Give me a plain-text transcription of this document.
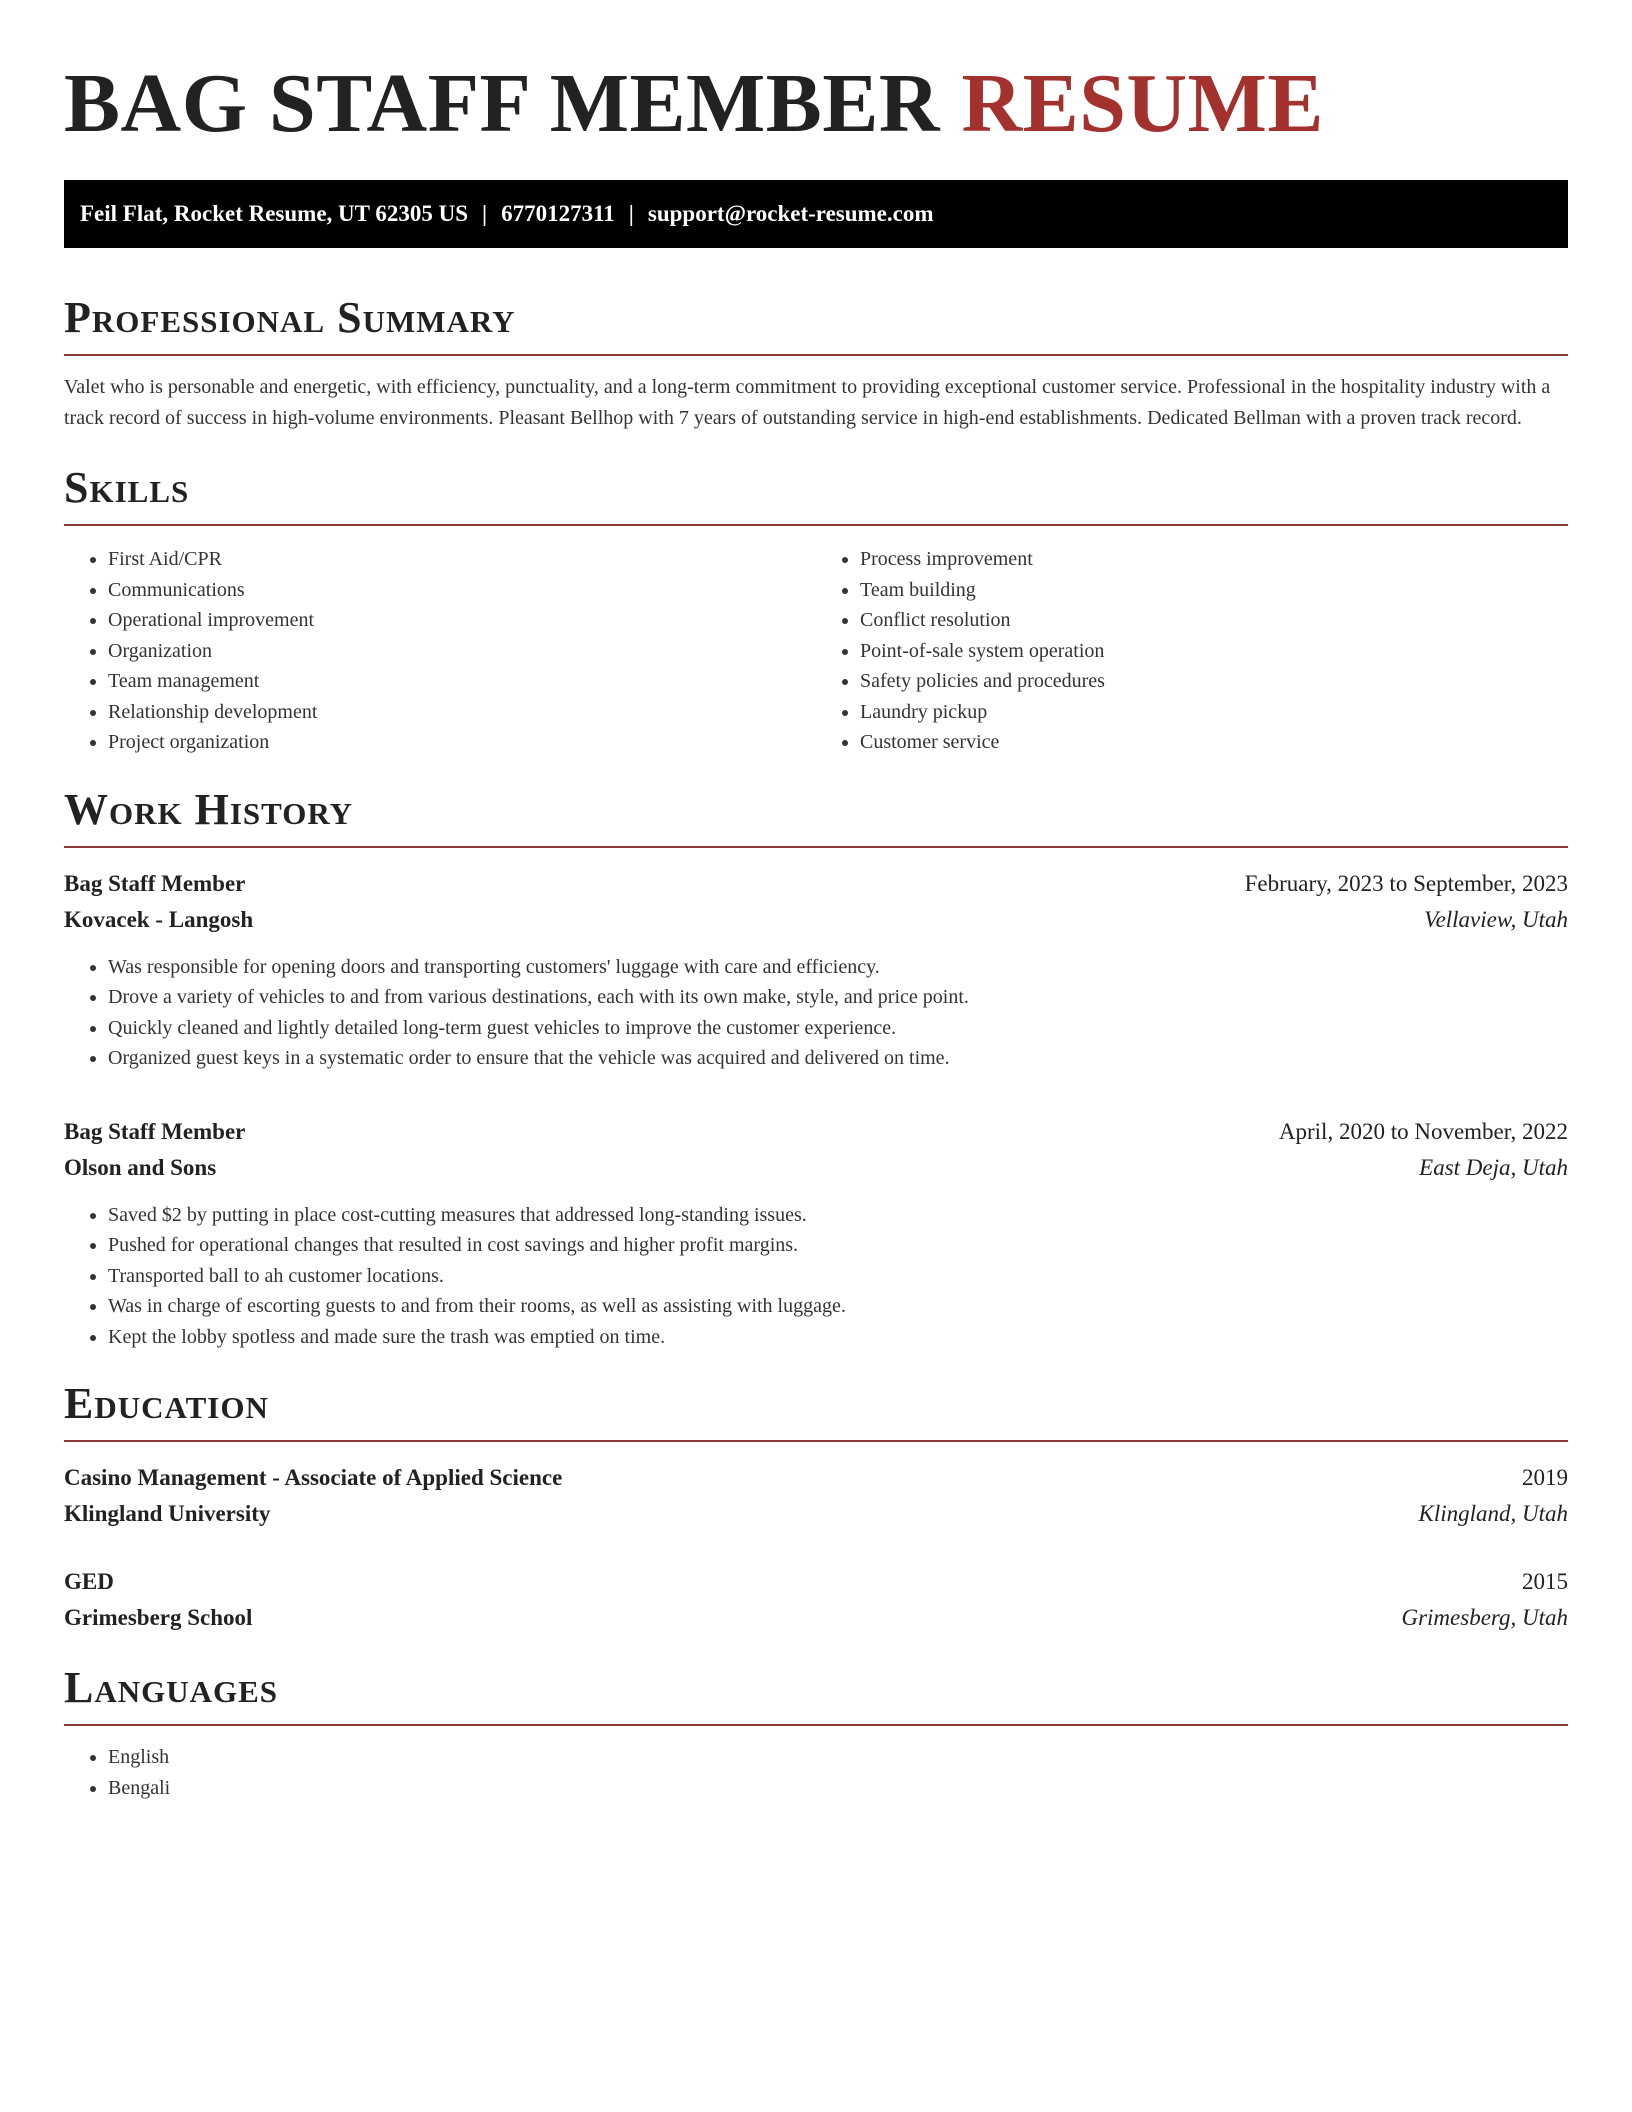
BAG STAFF MEMBER RESUME
Feil Flat, Rocket Resume, UT 62305 US | 6770127311 | support@rocket-resume.com
Professional Summary

Valet who is personable and energetic, with efficiency, punctuality, and a long-term commitment to providing exceptional customer service. Professional in the hospitality industry with a track record of success in high-volume environments. Pleasant Bellhop with 7 years of outstanding service in high-end establishments. Dedicated Bellman with a proven track record.

Skills
• First Aid/CPR
• Communications
• Operational improvement
• Organization
• Team management
• Relationship development
• Project organization
• Process improvement
• Team building
• Conflict resolution
• Point-of-sale system operation
• Safety policies and procedures
• Laundry pickup
• Customer service
Work History
Bag Staff Member	February, 2023 to September, 2023
Kovacek - Langosh	Vellaview, Utah
• Was responsible for opening doors and transporting customers' luggage with care and efficiency.
• Drove a variety of vehicles to and from various destinations, each with its own make, style, and price point.
• Quickly cleaned and lightly detailed long-term guest vehicles to improve the customer experience.
• Organized guest keys in a systematic order to ensure that the vehicle was acquired and delivered on time.
Bag Staff Member	April, 2020 to November, 2022
Olson and Sons	East Deja, Utah
• Saved $2 by putting in place cost-cutting measures that addressed long-standing issues.
• Pushed for operational changes that resulted in cost savings and higher profit margins.
• Transported ball to ah customer locations.
• Was in charge of escorting guests to and from their rooms, as well as assisting with luggage.
• Kept the lobby spotless and made sure the trash was emptied on time.
Education
Casino Management - Associate of Applied Science	2019
Klingland University	Klingland, Utah
GED	2015
Grimesberg School	Grimesberg, Utah
Languages
• English
• Bengali
